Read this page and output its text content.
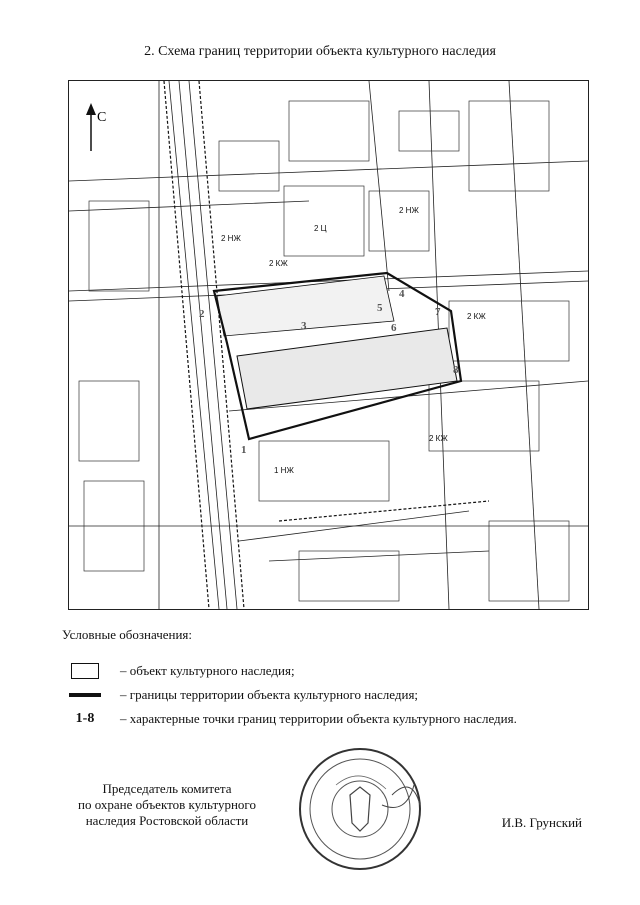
2. Схема границ территории объекта культурного наследия
С
1
2
3
4
5
6
7
8
2 НЖ
2 НЖ
2 КЖ
2 КЖ
2 КЖ
1 НЖ
2 Ц
Условные обозначения:
– объект культурного наследия;
– границы территории объекта культурного наследия;
1-8 – характерные точки границ территории объекта культурного наследия.
Председатель комитета
по охране объектов культурного
наследия Ростовской области	И.В. Грунский
